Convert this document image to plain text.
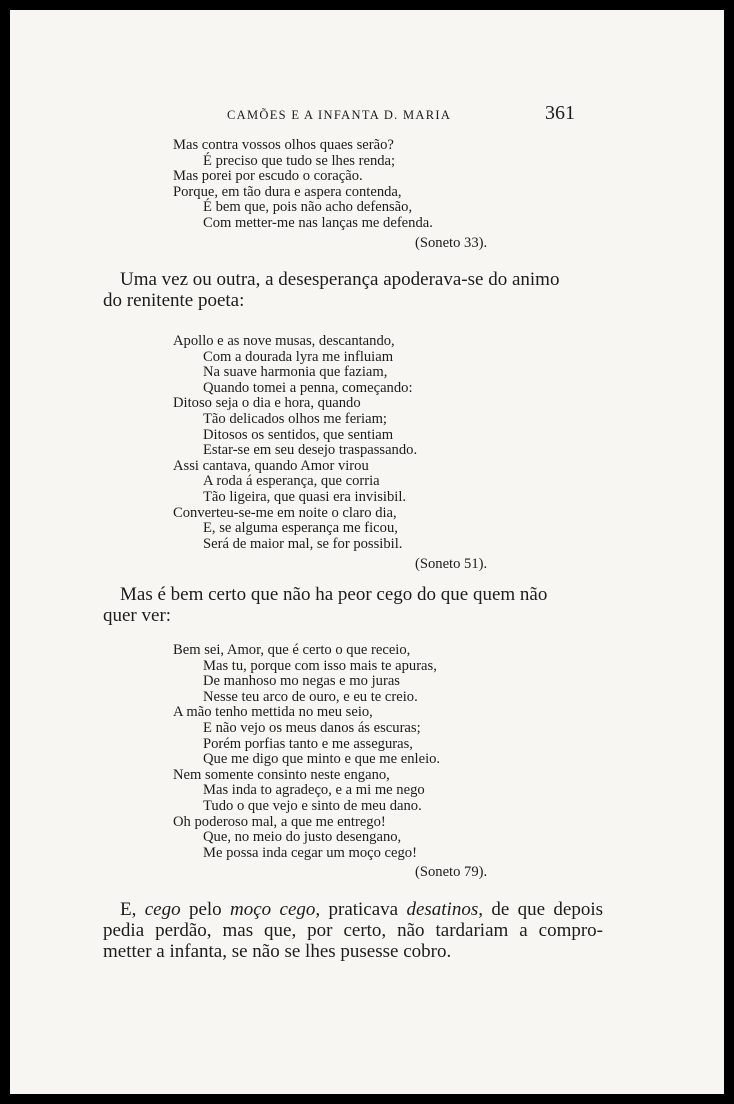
CAMÕES E A INFANTA D. MARIA	361
Mas contra vossos olhos quaes serão?
É preciso que tudo se lhes renda;
Mas porei por escudo o coração.
Porque, em tão dura e aspera contenda,
É bem que, pois não acho defensão,
Com metter-me nas lanças me defenda.
(Soneto 33).
Uma vez ou outra, a desesperança apoderava-se do animo
do renitente poeta:
Apollo e as nove musas, descantando,
Com a dourada lyra me influiam
Na suave harmonia que faziam,
Quando tomei a penna, começando:
Ditoso seja o dia e hora, quando
Tão delicados olhos me feriam;
Ditosos os sentidos, que sentiam
Estar-se em seu desejo traspassando.
Assi cantava, quando Amor virou
A roda á esperança, que corria
Tão ligeira, que quasi era invisibil.
Converteu-se-me em noite o claro dia,
E, se alguma esperança me ficou,
Será de maior mal, se for possibil.
(Soneto 51).
Mas é bem certo que não ha peor cego do que quem não
quer ver:
Bem sei, Amor, que é certo o que receio,
Mas tu, porque com isso mais te apuras,
De manhoso mo negas e mo juras
Nesse teu arco de ouro, e eu te creio.
A mão tenho mettida no meu seio,
E não vejo os meus danos ás escuras;
Porém porfias tanto e me asseguras,
Que me digo que minto e que me enleio.
Nem somente consinto neste engano,
Mas inda to agradeço, e a mi me nego
Tudo o que vejo e sinto de meu dano.
Oh poderoso mal, a que me entrego!
Que, no meio do justo desengano,
Me possa inda cegar um moço cego!
(Soneto 79).
E, cego pelo moço cego, praticava desatinos, de que depois
pedia perdão, mas que, por certo, não tardariam a compro-
metter a infanta, se não se lhes pusesse cobro.
